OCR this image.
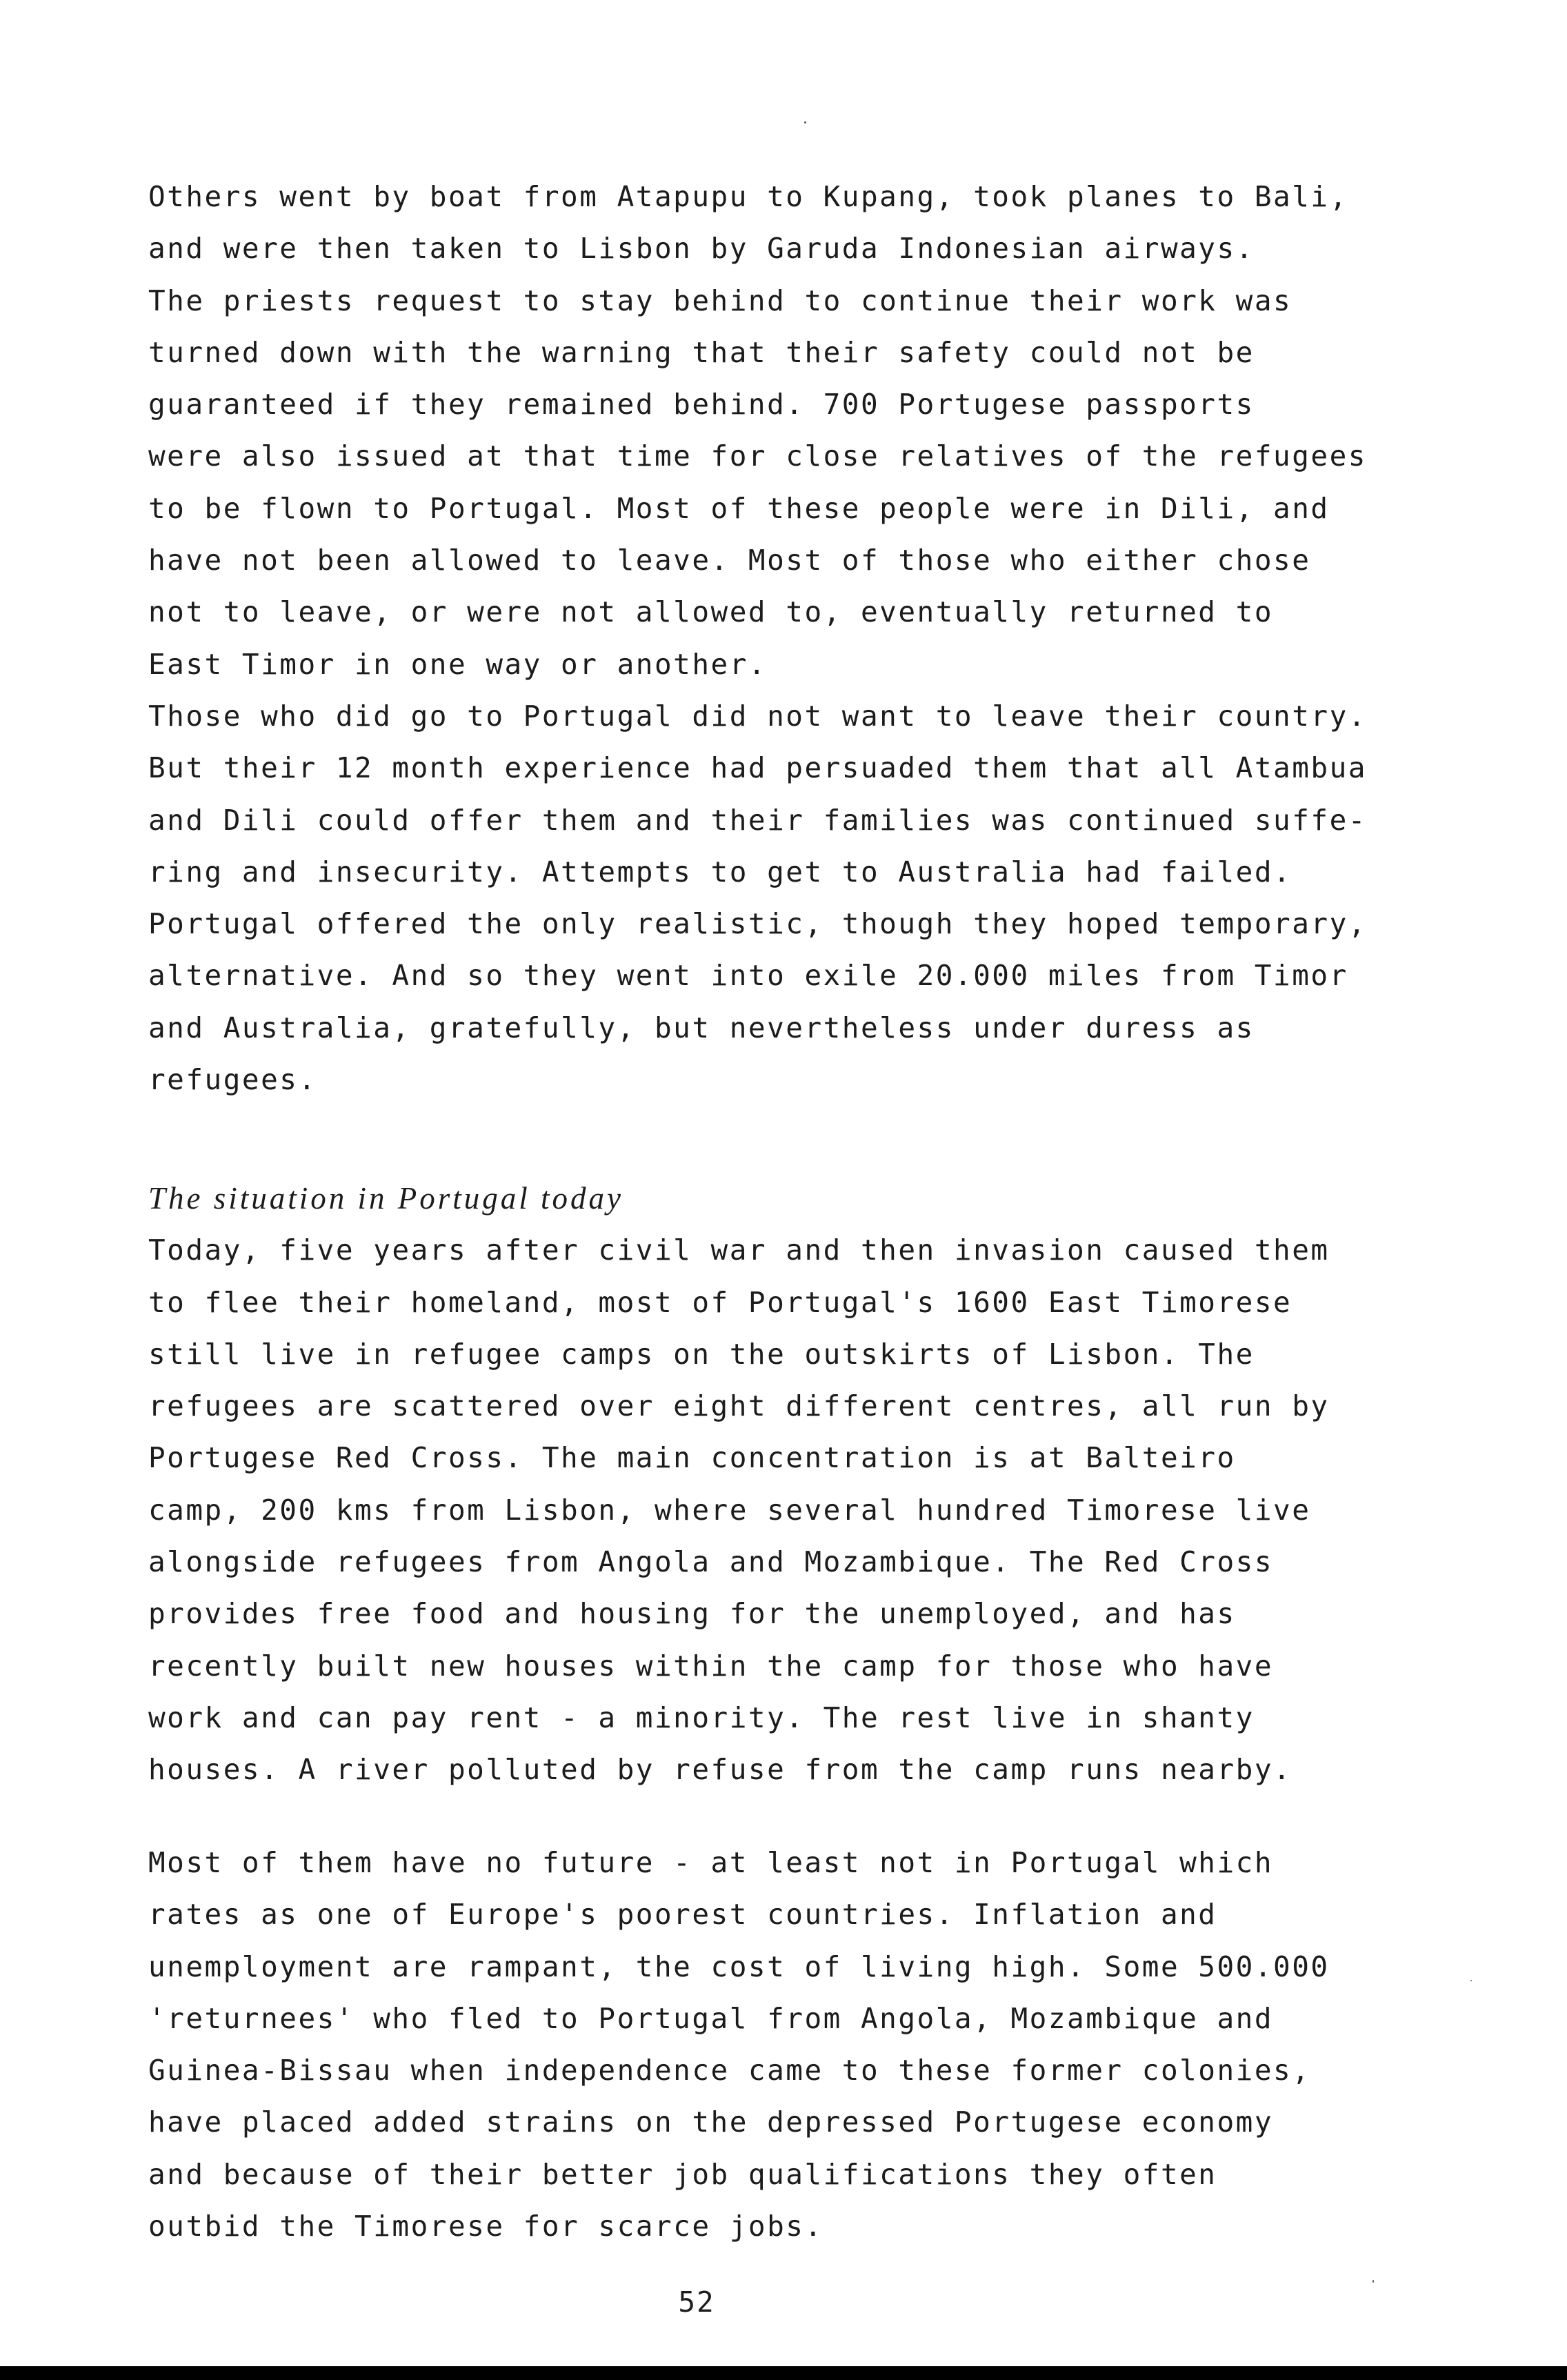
Others went by boat from Atapupu to Kupang, took planes to Bali,
and were then taken to Lisbon by Garuda Indonesian airways.
The priests request to stay behind to continue their work was
turned down with the warning that their safety could not be
guaranteed if they remained behind. 700 Portugese passports
were also issued at that time for close relatives of the refugees
to be flown to Portugal. Most of these people were in Dili, and
have not been allowed to leave. Most of those who either chose
not to leave, or were not allowed to, eventually returned to
East Timor in one way or another.
Those who did go to Portugal did not want to leave their country.
But their 12 month experience had persuaded them that all Atambua
and Dili could offer them and their families was continued suffe-
ring and insecurity. Attempts to get to Australia had failed.
Portugal offered the only realistic, though they hoped temporary,
alternative. And so they went into exile 20.000 miles from Timor
and Australia, gratefully, but nevertheless under duress as
refugees.
The situation in Portugal today
Today, five years after civil war and then invasion caused them
to flee their homeland, most of Portugal's 1600 East Timorese
still live in refugee camps on the outskirts of Lisbon. The
refugees are scattered over eight different centres, all run by
Portugese Red Cross. The main concentration is at Balteiro
camp, 200 kms from Lisbon, where several hundred Timorese live
alongside refugees from Angola and Mozambique. The Red Cross
provides free food and housing for the unemployed, and has
recently built new houses within the camp for those who have
work and can pay rent - a minority. The rest live in shanty
houses. A river polluted by refuse from the camp runs nearby.
Most of them have no future - at least not in Portugal which
rates as one of Europe's poorest countries. Inflation and
unemployment are rampant, the cost of living high. Some 500.000
'returnees' who fled to Portugal from Angola, Mozambique and
Guinea-Bissau when independence came to these former colonies,
have placed added strains on the depressed Portugese economy
and because of their better job qualifications they often
outbid the Timorese for scarce jobs.
52
